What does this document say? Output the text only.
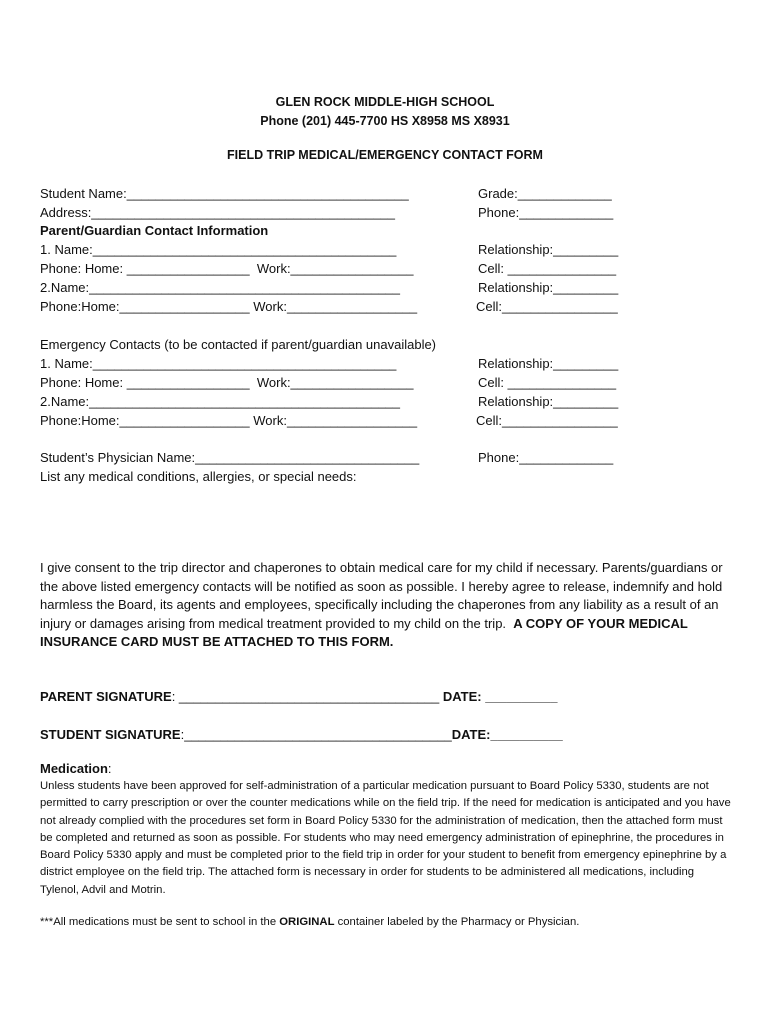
GLEN ROCK MIDDLE-HIGH SCHOOL
Phone (201) 445-7700 HS X8958 MS X8931
FIELD TRIP MEDICAL/EMERGENCY CONTACT FORM
Student Name:_______________________________________	Grade:_____________
Address:__________________________________________	Phone:_____________
Parent/Guardian Contact Information
1. Name:__________________________________________	Relationship:_________
Phone: Home: _________________  Work:_________________	Cell: _______________
2.Name:___________________________________________	Relationship:_________
Phone:Home:__________________ Work:__________________	Cell:________________
Emergency Contacts (to be contacted if parent/guardian unavailable)
1. Name:__________________________________________	Relationship:_________
Phone: Home: _________________  Work:_________________	Cell: _______________
2.Name:___________________________________________	Relationship:_________
Phone:Home:__________________ Work:__________________	Cell:________________
Student’s Physician Name:_______________________________	Phone:_____________
List any medical conditions, allergies, or special needs:
I give consent to the trip director and chaperones to obtain medical care for my child if necessary. Parents/guardians or the above listed emergency contacts will be notified as soon as possible. I hereby agree to release, indemnify and hold harmless the Board, its agents and employees, specifically including the chaperones from any liability as a result of an injury or damages arising from medical treatment provided to my child on the trip. A COPY OF YOUR MEDICAL INSURANCE CARD MUST BE ATTACHED TO THIS FORM.
PARENT SIGNATURE: ____________________________________ DATE: __________
STUDENT SIGNATURE:_____________________________________DATE:__________
Medication:
Unless students have been approved for self-administration of a particular medication pursuant to Board Policy 5330, students are not permitted to carry prescription or over the counter medications while on the field trip. If the need for medication is anticipated and you have not already complied with the procedures set form in Board Policy 5330 for the administration of medication, then the attached form must be completed and returned as soon as possible. For students who may need emergency administration of epinephrine, the procedures in Board Policy 5330 apply and must be completed prior to the field trip in order for your student to benefit from emergency epinephrine by a district employee on the field trip. The attached form is necessary in order for students to be administered all medications, including Tylenol, Advil and Motrin.
***All medications must be sent to school in the ORIGINAL container labeled by the Pharmacy or Physician.
